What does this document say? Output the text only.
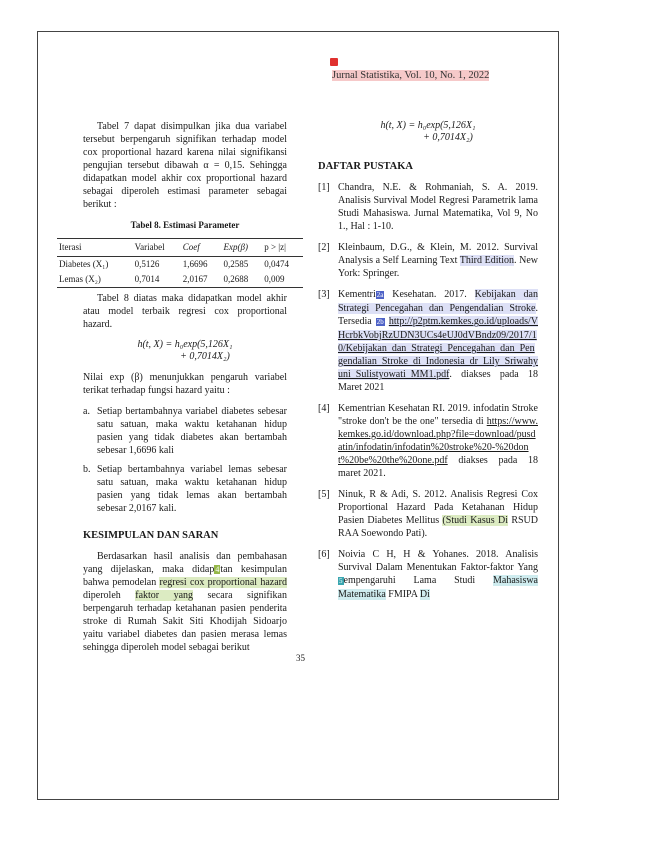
Jurnal Statistika, Vol. 10, No. 1, 2022

Tabel 7 dapat disimpulkan jika dua variabel tersebut berpengaruh signifikan terhadap model cox proportional hazard karena nilai signifikansi pengujian tersebut dibawah α = 0,15. Sehingga didapatkan model akhir cox proportional hazard sebagai diperoleh estimasi parameter sebagai berikut :

Tabel 8. Estimasi Parameter
Iterasi	Variabel	Coef	Exp(β)	p > |z|
Diabetes (X₁)	0,5126	1,6696	0,2585	0,0474
Lemas (X₂)	0,7014	2,0167	0,2688	0,009

Tabel 8 diatas maka didapatkan model akhir atau model terbaik regresi cox proportional hazard.

h(t, X) = h₀exp(5,126X₁
+ 0,7014X₂)

Nilai exp (β) menunjukkan pengaruh variabel terikat terhadap fungsi hazard yaitu :

a. Setiap bertambahnya variabel diabetes sebesar satu satuan, maka waktu ketahanan hidup pasien yang tidak diabetes akan bertambah sebesar 1,6696 kali
b. Setiap bertambahnya variabel lemas sebesar satu satuan, maka waktu ketahanan hidup pasien yang tidak lemas akan bertambah sebesar 2,0167 kali.
KESIMPULAN DAN SARAN

Berdasarkan hasil analisis dan pembahasan yang dijelaskan, maka didap4tan kesimpulan bahwa pemodelan regresi cox proportional hazard diperoleh faktor yang secara signifikan berpengaruh terhadap ketahanan pasien penderita stroke di Rumah Sakit Siti Khodijah Sidoarjo yaitu variabel diabetes dan pasien merasa lemas sehingga diperoleh model sebagai berikut

h(t, X) = h₀exp(5,126X₁
+ 0,7014X₂)
DAFTAR PUSTAKA
[1] Chandra, N.E. & Rohmaniah, S. A. 2019. Analisis Survival Model Regresi Parametrik lama Studi Mahasiswa. Jurnal Matematika, Vol 9, No 1., Hal : 1-10.
[2] Kleinbaum, D.G., & Klein, M. 2012. Survival Analysis a Self Learning Text Third Edition. New York: Springer.
[3] Kementri2a Kesehatan. 2017. Kebijakan dan Strategi Pencegahan dan Pengendalian Stroke. Tersedia 2b http://p2ptm.kemkes.go.id/uploads/VHcrbkVobjRzUDN3UCs4eUJ0dVBndz09/2017/10/Kebijakan_dan_Strategi_Pencegahan_dan_Pengendalian_Stroke_di_Indonesia_dr_Lily_Sriwahyuni_Sulistyowati_MM1.pdf. diakses pada 18 Maret 2021
[4] Kementrian Kesehatan RI. 2019. infodatin Stroke "stroke don't be the one" tersedia di https://www.kemkes.go.id/download.php?file=download/pusdatin/infodatin/infodatin%20stroke%20-%20dont%20be%20the%20one.pdf diakses pada 18 maret 2021.
[5] Ninuk, R & Adi, S. 2012. Analisis Regresi Cox Proportional Hazard Pada Ketahanan Hidup Pasien Diabetes Mellitus (Studi Kasus Di RSUD RAA Soewondo Pati).
[6] Noivia C H, H & Yohanes. 2018. Analisis Survival Dalam Menentukan Faktor-faktor Yang 5empengaruhi Lama Studi Mahasiswa Matematika FMIPA Di
35
